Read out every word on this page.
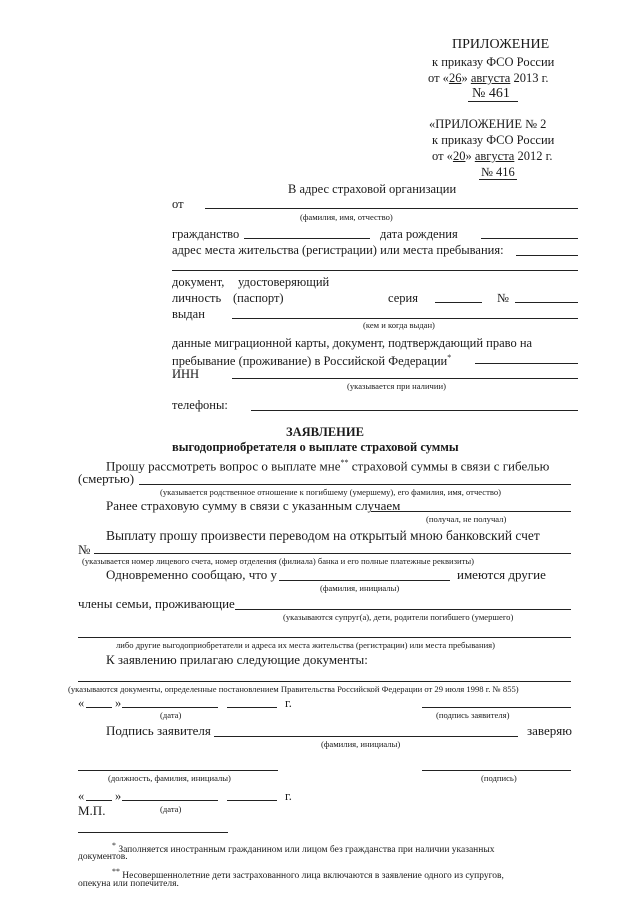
ПРИЛОЖЕНИЕ
к приказу ФСО России
от «26» августа 2013 г.
№ 461
«ПРИЛОЖЕНИЕ № 2
к приказу ФСО России
от «20» августа 2012 г.
№ 416
В адрес страховой организации
от
(фамилия, имя, отчество)
гражданство	дата рождения
адрес места жительства (регистрации) или места пребывания:
документ, удостоверяющий
личность (паспорт)	серия	№
выдан
(кем и когда выдан)
данные миграционной карты, документ, подтверждающий право на
пребывание (проживание) в Российской Федерации*
ИНН
(указывается при наличии)
телефоны:
ЗАЯВЛЕНИЕ
выгодоприобретателя о выплате страховой суммы
Прошу рассмотреть вопрос о выплате мне** страховой суммы в связи с гибелью
(смертью)
(указывается родственное отношение к погибшему (умершему), его фамилия, имя, отчество)
Ранее страховую сумму в связи с указанным случаем
(получал, не получал)
Выплату прошу произвести переводом на открытый мною банковский счет
№
(указывается номер лицевого счета, номер отделения (филиала) банка и его полные платежные реквизиты)
Одновременно сообщаю, что у	имеются другие
(фамилия, инициалы)
члены семьи, проживающие
(указываются супруг(а), дети, родители погибшего (умершего)
либо другие выгодоприобретатели и адреса их места жительства (регистрации) или места пребывания)
К заявлению прилагаю следующие документы:
(указываются документы, определенные постановлением Правительства Российской Федерации от 29 июля 1998 г. № 855)
« »	г.
(дата)	(подпись заявителя)
Подпись заявителя	заверяю
(фамилия, инициалы)
(должность, фамилия, инициалы)	(подпись)
« »	г.
М.П.	(дата)
* Заполняется иностранным гражданином или лицом без гражданства при наличии указанных
документов.
** Несовершеннолетние дети застрахованного лица включаются в заявление одного из супругов,
опекуна или попечителя.
